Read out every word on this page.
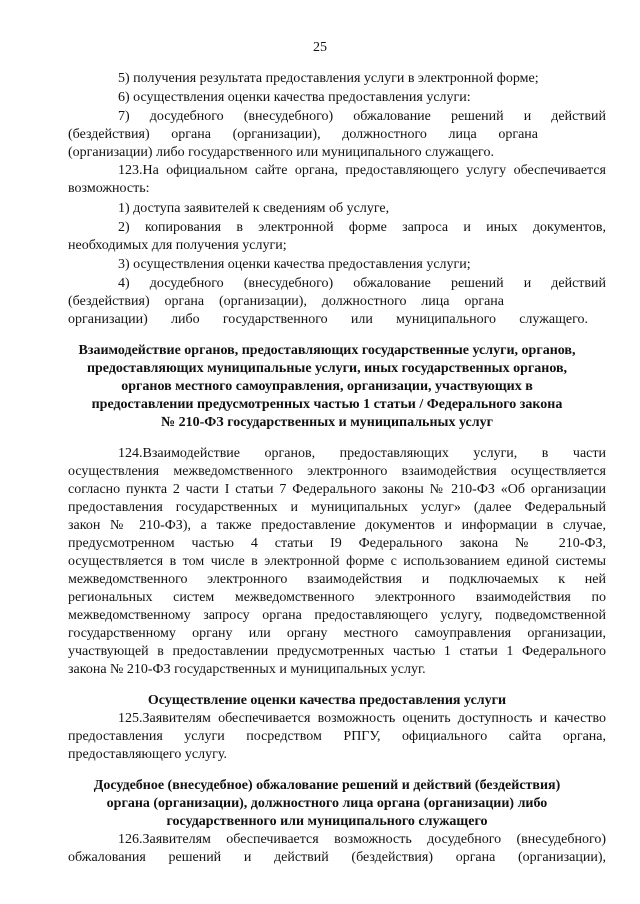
25
5) получения результата предоставления услуги в электронной форме;
6) осуществления оценки качества предоставления услуги:
7) досудебного (внесудебного) обжалование решений и действий
(бездействия) органа (организации), должностного лица органа
(организации) либо государственного или муниципального служащего.
123.На официальном сайте органа, предоставляющего услугу обеспечивается
возможность:
1) доступа заявителей к сведениям об услуге,
2) копирования в электронной форме запроса и иных документов,
необходимых для получения услуги;
3) осуществления оценки качества предоставления услуги;
4) досудебного (внесудебного) обжалование решений и действий
(бездействия) органа (организации), должностного лица органа
организации) либо государственного или муниципального служащего.
Взаимодействие органов, предоставляющих государственные услуги, органов,
предоставляющих муниципальные услуги, иных государственных органов,
органов местного самоуправления, организации, участвующих в
предоставлении предусмотренных частью 1 статьи / Федерального закона
№ 210-ФЗ государственных и муниципальных услуг
124.Взаимодействие органов, предоставляющих услуги, в части
осуществления межведомственного электронного взаимодействия осуществляется
согласно пункта 2 части I статьи 7 Федерального законы № 210-ФЗ «Об организации
предоставления государственных и муниципальных услуг» (далее Федеральный
закон № 210-ФЗ), а также предоставление документов и информации в случае,
предусмотренном частью 4 статьи I9 Федерального закона № 210-ФЗ,
осуществляется в том числе в электронной форме с использованием единой системы
межведомственного электронного взаимодействия и подключаемых к ней
региональных систем межведомственного электронного взаимодействия по
межведомственному запросу органа предоставляющего услугу, подведомственной
государственному органу или органу местного самоуправления организации,
участвующей в предоставлении предусмотренных частью 1 статьи 1 Федерального
закона № 210-ФЗ государственных и муниципальных услуг.
Осуществление оценки качества предоставления услуги
125.Заявителям обеспечивается возможность оценить доступность и качество
предоставления услуги посредством РПГУ, официального сайта органа,
предоставляющего услугу.
Досудебное (внесудебное) обжалование решений и действий (бездействия)
органа (организации), должностного лица органа (организации) либо
государственного или муниципального служащего
126.Заявителям обеспечивается возможность досудебного (внесудебного)
обжалования решений и действий (бездействия) органа (организации),
